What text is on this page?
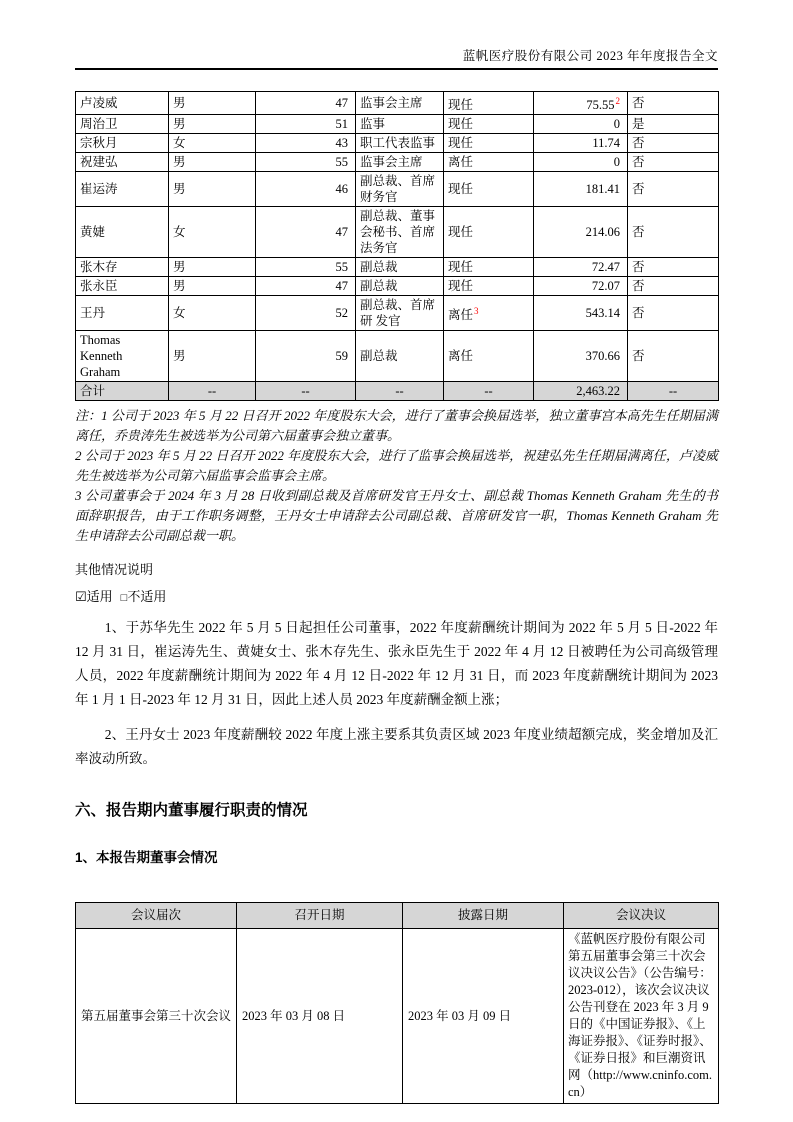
蓝帆医疗股份有限公司 2023 年年度报告全文
卢凌威	男	47	监事会主席	现任	75.55$^2$	否
周治卫	男	51	监事	现任	0	是
宗秋月	女	43	职工代表监事	现任	11.74	否
祝建弘	男	55	监事会主席	离任	0	否
崔运涛	男	46	副总裁、首席财务官	现任	181.41	否
黄婕	女	47	副总裁、董事会秘书、首席法务官	现任	214.06	否
张木存	男	55	副总裁	现任	72.47	否
张永臣	男	47	副总裁	现任	72.07	否
王丹	女	52	副总裁、首席研 发官	离任$^3$	543.14	否
Thomas Kenneth Graham	男	59	副总裁	离任	370.66	否
合计	--	--	--	--	2,463.22	--

注：1 公司于 2023 年 5 月 22 日召开 2022 年度股东大会，进行了董事会换届选举，独立董事宫本高先生任期届满离任，乔贵涛先生被选举为公司第六届董事会独立董事。

2 公司于 2023 年 5 月 22 日召开 2022 年度股东大会，进行了监事会换届选举，祝建弘先生任期届满离任，卢凌威先生被选举为公司第六届监事会监事会主席。

3 公司董事会于 2024 年 3 月 28 日收到副总裁及首席研发官王丹女士、副总裁 Thomas Kenneth Graham 先生的书面辞职报告，由于工作职务调整，王丹女士申请辞去公司副总裁、首席研发官一职，Thomas Kenneth Graham 先生申请辞去公司副总裁一职。

其他情况说明
☑适用 □不适用

1、于苏华先生 2022 年 5 月 5 日起担任公司董事，2022 年度薪酬统计期间为 2022 年 5 月 5 日-2022 年 12 月 31 日，崔运涛先生、黄婕女士、张木存先生、张永臣先生于 2022 年 4 月 12 日被聘任为公司高级管理人员，2022 年度薪酬统计期间为 2022 年 4 月 12 日-2022 年 12 月 31 日，而 2023 年度薪酬统计期间为 2023 年 1 月 1 日-2023 年 12 月 31 日，因此上述人员 2023 年度薪酬金额上涨；

2、王丹女士 2023 年度薪酬较 2022 年度上涨主要系其负责区域 2023 年度业绩超额完成，奖金增加及汇率波动所致。

六、报告期内董事履行职责的情况
1、本报告期董事会情况
会议届次	召开日期	披露日期	会议决议
第五届董事会第三十次会议	2023 年 03 月 08 日	2023 年 03 月 09 日	《蓝帆医疗股份有限公司第五届董事会第三十次会议决议公告》（公告编号：2023-012），该次会议决议公告刊登在 2023 年 3 月 9 日的《中国证券报》、《上海证券报》、《证券时报》、《证券日报》和巨潮资讯网（http://www.cninfo.com.cn）
